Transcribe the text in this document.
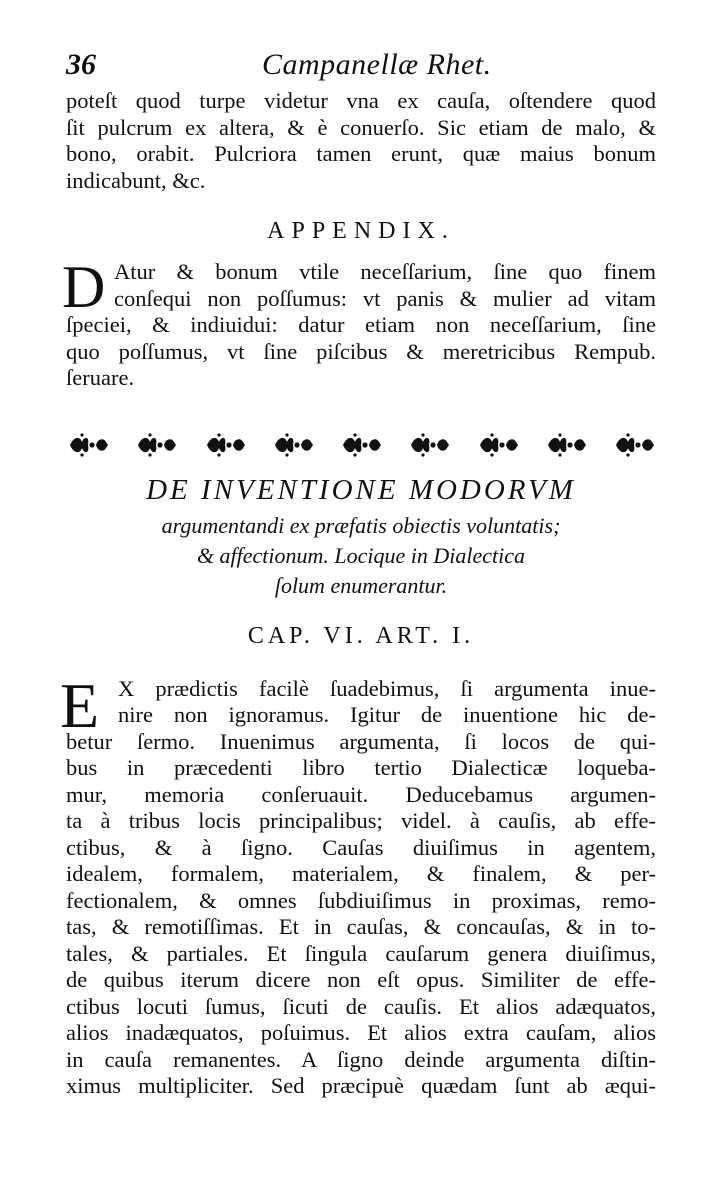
36	Campanellæ Rhet.

poteſt quod turpe videtur vna ex cauſa, oſtendere quod
ſit pulcrum ex altera, & è conuerſo. Sic etiam de malo, &
bono, orabit. Pulcriora tamen erunt, quæ maius bonum
indicabunt, &c.

APPENDIX.
D Atur & bonum vtile neceſſarium, ſine quo finem
conſequi non poſſumus: vt panis & mulier ad vitam
ſpeciei, & indiuidui: datur etiam non neceſſarium, ſine
quo poſſumus, vt ſine piſcibus & meretricibus Rempub.
ſeruare.

DE INVENTIONE MODORVM

argumentandi ex præfatis obiectis voluntatis;
& affectionum. Locique in Dialectica
ſolum enumerantur.

CAP. VI. ART. I.
E X prædictis facilè ſuadebimus, ſi argumenta inue-
nire non ignoramus. Igitur de inuentione hic de-
betur ſermo. Inuenimus argumenta, ſi locos de qui-
bus in præcedenti libro tertio Dialecticæ loqueba-
mur, memoria conſeruauit. Deducebamus argumen-
ta à tribus locis principalibus; videl. à cauſis, ab effe-
ctibus, & à ſigno. Cauſas diuiſimus in agentem,
idealem, formalem, materialem, & finalem, & per-
fectionalem, & omnes ſubdiuiſimus in proximas, remo-
tas, & remotiſſimas. Et in cauſas, & concauſas, & in to-
tales, & partiales. Et ſingula cauſarum genera diuiſimus,
de quibus iterum dicere non eſt opus. Similiter de effe-
ctibus locuti ſumus, ſicuti de cauſis. Et alios adæquatos,
alios inadæquatos, poſuimus. Et alios extra cauſam, alios
in cauſa remanentes. A ſigno deinde argumenta diſtin-
ximus multipliciter. Sed præcipuè quædam ſunt ab æqui-
